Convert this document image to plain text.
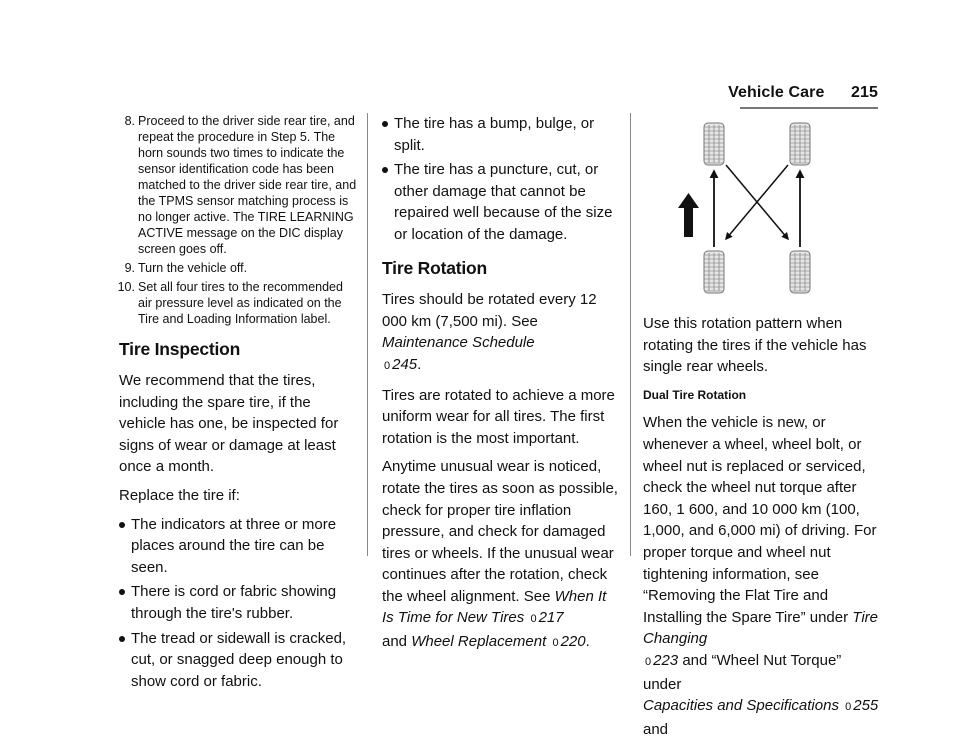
Vehicle Care 215
8. Proceed to the driver side rear tire, and repeat the procedure in Step 5. The horn sounds two times to indicate the sensor identification code has been matched to the driver side rear tire, and the TPMS sensor matching process is no longer active. The TIRE LEARNING ACTIVE message on the DIC display screen goes off.
9. Turn the vehicle off.
10. Set all four tires to the recommended air pressure level as indicated on the Tire and Loading Information label.
Tire Inspection

We recommend that the tires, including the spare tire, if the vehicle has one, be inspected for signs of wear or damage at least once a month.

Replace the tire if:

The indicators at three or more places around the tire can be seen.
There is cord or fabric showing through the tire's rubber.
The tread or sidewall is cracked, cut, or snagged deep enough to show cord or fabric.
The tire has a bump, bulge, or split.
The tire has a puncture, cut, or other damage that cannot be repaired well because of the size or location of the damage.
Tire Rotation

Tires should be rotated every 12 000 km (7,500 mi). See Maintenance Schedule
0 245.

Tires are rotated to achieve a more uniform wear for all tires. The first rotation is the most important.

Anytime unusual wear is noticed, rotate the tires as soon as possible, check for proper tire inflation pressure, and check for damaged tires or wheels. If the unusual wear continues after the rotation, check the wheel alignment. See When It Is Time for New Tires 0 217
and Wheel Replacement 0 220.

Use this rotation pattern when rotating the tires if the vehicle has single rear wheels.

Dual Tire Rotation

When the vehicle is new, or whenever a wheel, wheel bolt, or wheel nut is replaced or serviced, check the wheel nut torque after 160, 1 600, and 10 000 km (100, 1,000, and 6,000 mi) of driving. For proper torque and wheel nut tightening information, see “Removing the Flat Tire and Installing the Spare Tire” under Tire Changing
0 223 and “Wheel Nut Torque” under
Capacities and Specifications 0 255 and
